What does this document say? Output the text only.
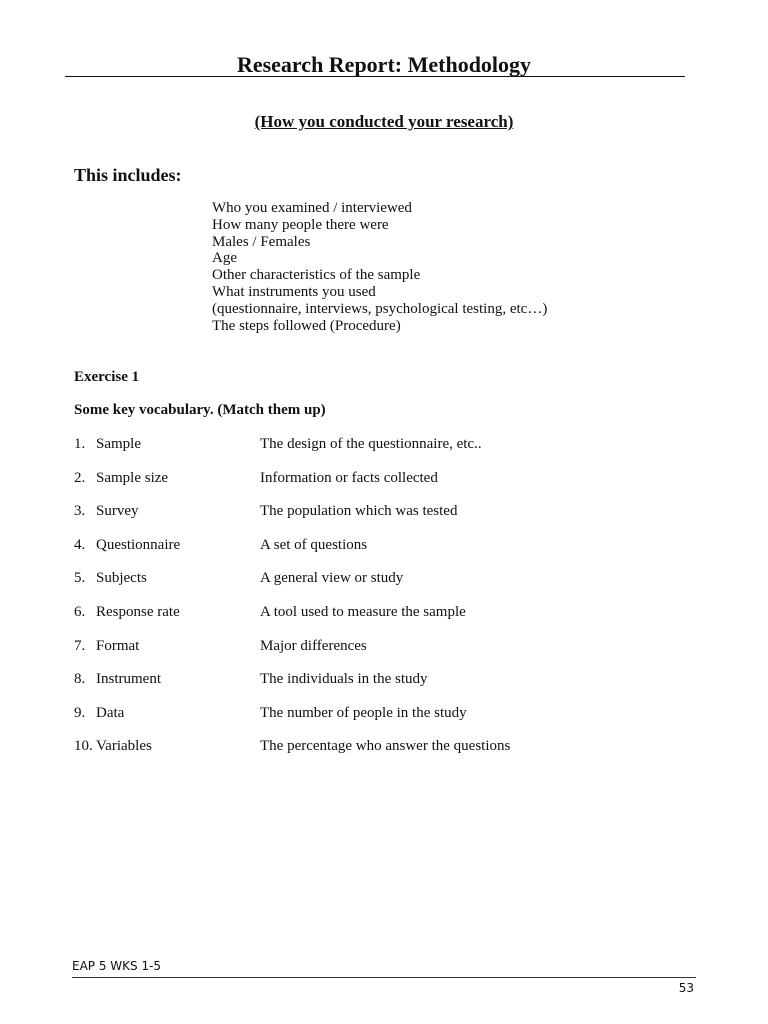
Research Report: Methodology
(How you conducted your research)
This includes:
Who you examined / interviewed
How many people there were
Males / Females
Age
Other characteristics of the sample
What instruments you used
(questionnaire, interviews, psychological testing, etc…)
The steps followed (Procedure)
Exercise 1
Some key vocabulary. (Match them up)
1. Sample	The design of the questionnaire, etc..
2. Sample size	Information or facts collected
3. Survey	The population which was tested
4. Questionnaire	A set of questions
5. Subjects	A general view or study
6. Response rate	A tool used to measure the sample
7. Format	Major differences
8. Instrument	The individuals in the study
9. Data	The number of people in the study
10. Variables	The percentage who answer the questions
EAP 5 WKS 1-5
53
